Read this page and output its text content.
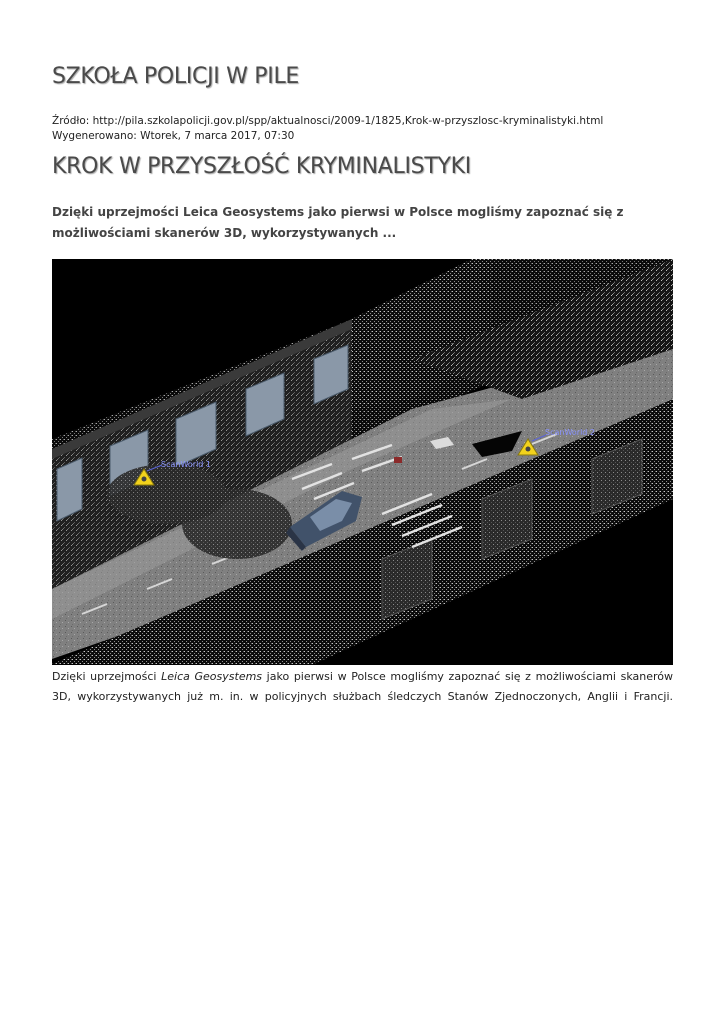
SZKOŁA POLICJI W PILE
Źródło: http://pila.szkolapolicji.gov.pl/spp/aktualnosci/2009-1/1825,Krok-w-przyszlosc-kryminalistyki.html
Wygenerowano: Wtorek, 7 marca 2017, 07:30
KROK W PRZYSZŁOŚĆ KRYMINALISTYKI

Dzięki uprzejmości Leica Geosystems jako pierwsi w Polsce mogliśmy zapoznać się z możliwościami skanerów 3D, wykorzystywanych ...

ScanWorld 1
ScanWorld 2

Dzięki uprzejmości Leica Geosystems jako pierwsi w Polsce mogliśmy zapoznać się z możliwościami skanerów 3D, wykorzystywanych już m. in. w policyjnych służbach śledczych Stanów Zjednoczonych, Anglii i Francji.
